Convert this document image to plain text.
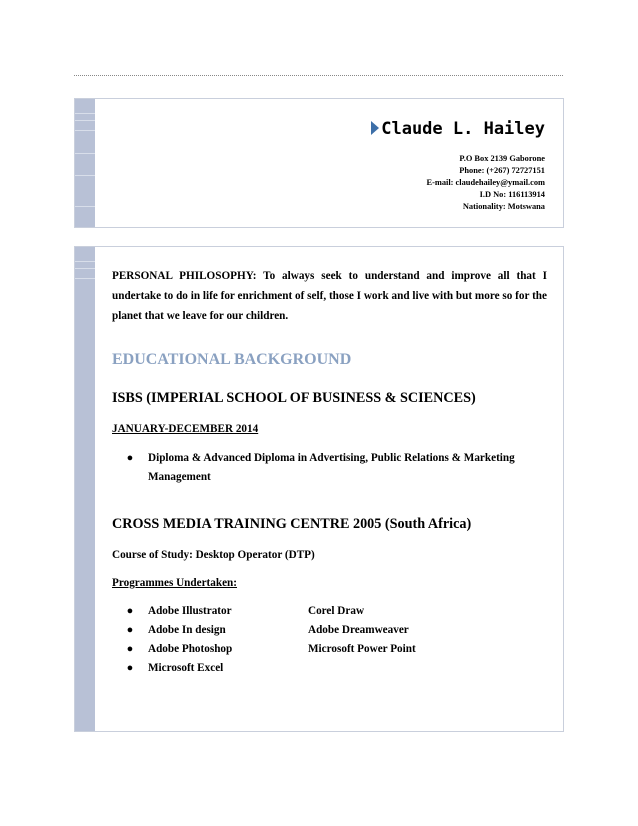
Claude L. Hailey
P.O Box 2139 Gaborone
Phone: (+267) 72727151
E-mail: claudehailey@ymail.com
I.D No: 116113914
Nationality: Motswana

PERSONAL PHILOSOPHY: To always seek to understand and improve all that I undertake to do in life for enrichment of self, those I work and live with but more so for the planet that we leave for our children.

EDUCATIONAL BACKGROUND

ISBS (IMPERIAL SCHOOL OF BUSINESS & SCIENCES)

JANUARY-DECEMBER 2014

●	Diploma & Advanced Diploma in Advertising, Public Relations & Marketing Management

CROSS MEDIA TRAINING CENTRE 2005 (South Africa)

Course of Study: Desktop Operator (DTP)

Programmes Undertaken:

●	Adobe Illustrator	Corel Draw
●	Adobe In design	Adobe Dreamweaver
●	Adobe Photoshop	Microsoft Power Point
●	Microsoft Excel
